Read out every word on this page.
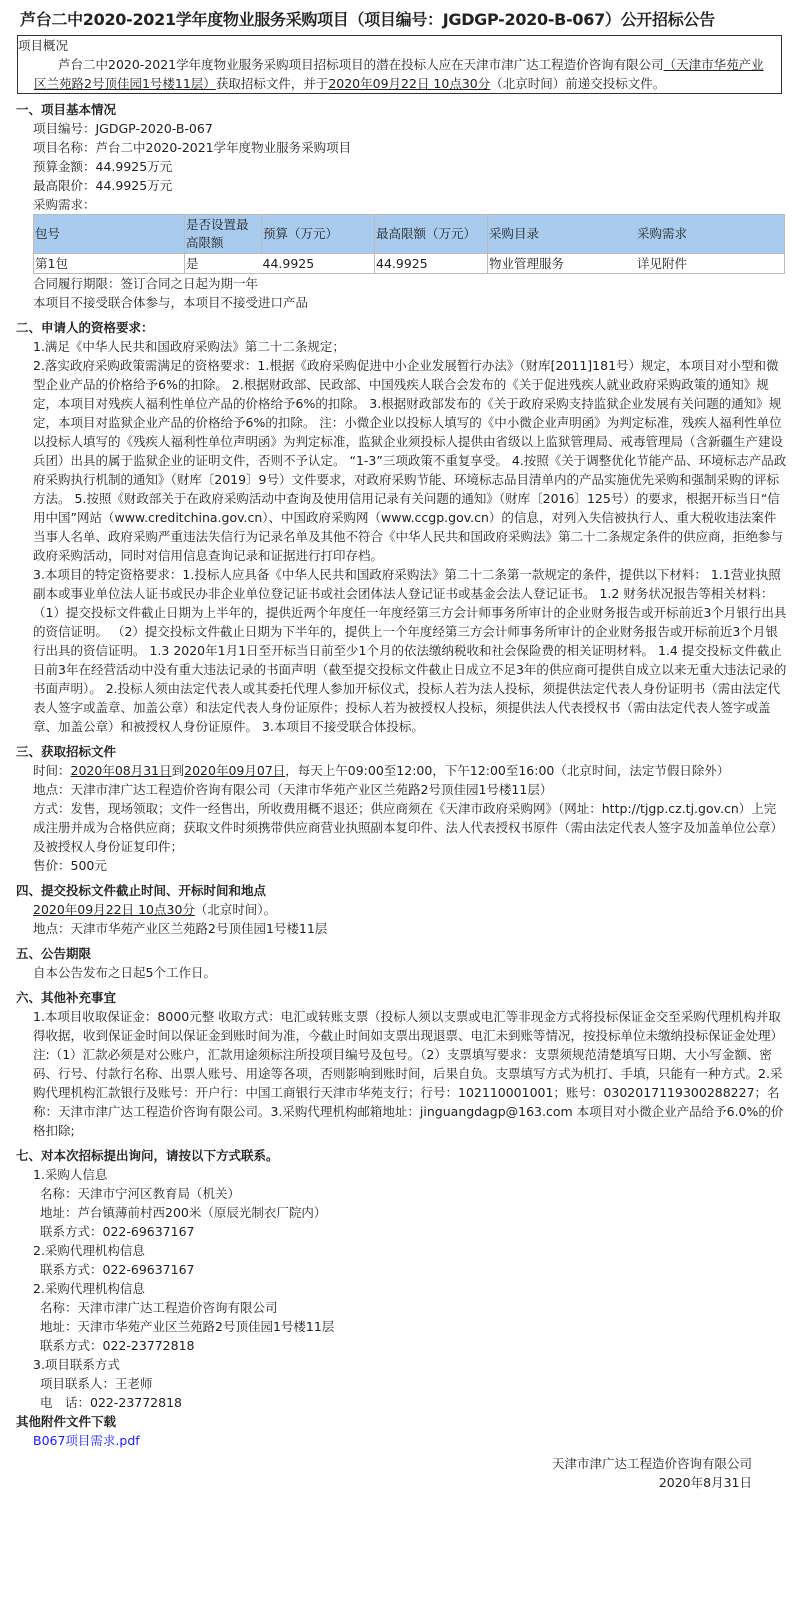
芦台二中2020-2021学年度物业服务采购项目（项目编号：JGDGP-2020-B-067）公开招标公告
项目概况

芦台二中2020-2021学年度物业服务采购项目招标项目的潜在投标人应在天津市津广达工程造价咨询有限公司（天津市华苑产业区兰苑路2号顶佳园1号楼11层）获取招标文件，并于2020年09月22日 10点30分（北京时间）前递交投标文件。

一、项目基本情况

项目编号：JGDGP-2020-B-067

项目名称：芦台二中2020-2021学年度物业服务采购项目

预算金额：44.9925万元

最高限价：44.9925万元

采购需求：

包号	是否设置最高限额	预算（万元）	最高限额（万元）	采购目录	采购需求
第1包	是	44.9925	44.9925	物业管理服务	详见附件

合同履行期限：签订合同之日起为期一年

本项目不接受联合体参与，本项目不接受进口产品

二、申请人的资格要求：

1.满足《中华人民共和国政府采购法》第二十二条规定；

2.落实政府采购政策需满足的资格要求：1.根据《政府采购促进中小企业发展暂行办法》（财库[2011]181号）规定，本项目对小型和微型企业产品的价格给予6%的扣除。 2.根据财政部、民政部、中国残疾人联合会发布的《关于促进残疾人就业政府采购政策的通知》规定，本项目对残疾人福利性单位产品的价格给予6%的扣除。 3.根据财政部发布的《关于政府采购支持监狱企业发展有关问题的通知》规定，本项目对监狱企业产品的价格给予6%的扣除。 注：小微企业以投标人填写的《中小微企业声明函》为判定标准，残疾人福利性单位以投标人填写的《残疾人福利性单位声明函》为判定标准，监狱企业须投标人提供由省级以上监狱管理局、戒毒管理局（含新疆生产建设兵团）出具的属于监狱企业的证明文件，否则不予认定。 “1-3”三项政策不重复享受。 4.按照《关于调整优化节能产品、环境标志产品政府采购执行机制的通知》（财库〔2019〕9号）文件要求，对政府采购节能、环境标志品目清单内的产品实施优先采购和强制采购的评标方法。 5.按照《财政部关于在政府采购活动中查询及使用信用记录有关问题的通知》（财库〔2016〕125号）的要求，根据开标当日“信用中国”网站（www.creditchina.gov.cn）、中国政府采购网（www.ccgp.gov.cn）的信息，对列入失信被执行人、重大税收违法案件当事人名单、政府采购严重违法失信行为记录名单及其他不符合《中华人民共和国政府采购法》第二十二条规定条件的供应商，拒绝参与政府采购活动，同时对信用信息查询记录和证据进行打印存档。

3.本项目的特定资格要求：1.投标人应具备《中华人民共和国政府采购法》第二十二条第一款规定的条件，提供以下材料： 1.1营业执照副本或事业单位法人证书或民办非企业单位登记证书或社会团体法人登记证书或基金会法人登记证书。 1.2 财务状况报告等相关材料： （1）提交投标文件截止日期为上半年的，提供近两个年度任一年度经第三方会计师事务所审计的企业财务报告或开标前近3个月银行出具的资信证明。 （2）提交投标文件截止日期为下半年的，提供上一个年度经第三方会计师事务所审计的企业财务报告或开标前近3个月银行出具的资信证明。 1.3 2020年1月1日至开标当日前至少1个月的依法缴纳税收和社会保险费的相关证明材料。 1.4 提交投标文件截止日前3年在经营活动中没有重大违法记录的书面声明（截至提交投标文件截止日成立不足3年的供应商可提供自成立以来无重大违法记录的书面声明）。 2.投标人须由法定代表人或其委托代理人参加开标仪式，投标人若为法人投标，须提供法定代表人身份证明书（需由法定代表人签字或盖章、加盖公章）和法定代表人身份证原件；投标人若为被授权人投标，须提供法人代表授权书（需由法定代表人签字或盖章、加盖公章）和被授权人身份证原件。 3.本项目不接受联合体投标。

三、获取招标文件

时间：2020年08月31日到2020年09月07日，每天上午09:00至12:00，下午12:00至16:00（北京时间，法定节假日除外）

地点：天津市津广达工程造价咨询有限公司（天津市华苑产业区兰苑路2号顶佳园1号楼11层）

方式：发售，现场领取；文件一经售出，所收费用概不退还；供应商须在《天津市政府采购网》（网址：http://tjgp.cz.tj.gov.cn）上完成注册并成为合格供应商；获取文件时须携带供应商营业执照副本复印件、法人代表授权书原件（需由法定代表人签字及加盖单位公章）及被授权人身份证复印件；

售价：500元

四、提交投标文件截止时间、开标时间和地点

2020年09月22日 10点30分（北京时间）。

地点：天津市华苑产业区兰苑路2号顶佳园1号楼11层

五、公告期限

自本公告发布之日起5个工作日。

六、其他补充事宜

1.本项目收取保证金：8000元整 收取方式：电汇或转账支票（投标人须以支票或电汇等非现金方式将投标保证金交至采购代理机构并取得收据，收到保证金时间以保证金到账时间为准，今截止时间如支票出现退票、电汇未到账等情况，按投标单位未缴纳投标保证金处理）注:（1）汇款必须是对公账户，汇款用途须标注所投项目编号及包号。（2）支票填写要求：支票须规范清楚填写日期、大小写金额、密码、行号、付款行名称、出票人账号、用途等各项，否则影响到账时间，后果自负。支票填写方式为机打、手填，只能有一种方式。2.采购代理机构汇款银行及账号：开户行：中国工商银行天津市华苑支行；行号：102110001001；账号：0302017119300288227；名称：天津市津广达工程造价咨询有限公司。3.采购代理机构邮箱地址：jinguangdagp@163.com 本项目对小微企业产品给予6.0%的价格扣除;

七、对本次招标提出询问，请按以下方式联系。

1.采购人信息

名称：天津市宁河区教育局（机关）

地址：芦台镇薄前村西200米（原辰光制衣厂院内）

联系方式：022-69637167

2.采购代理机构信息

联系方式：022-69637167

2.采购代理机构信息

名称：天津市津广达工程造价咨询有限公司

地址：天津市华苑产业区兰苑路2号顶佳园1号楼11层

联系方式：022-23772818

3.项目联系方式

项目联系人：王老师

电　话：022-23772818

其他附件文件下载

B067项目需求.pdf

天津市津广达工程造价咨询有限公司

2020年8月31日
